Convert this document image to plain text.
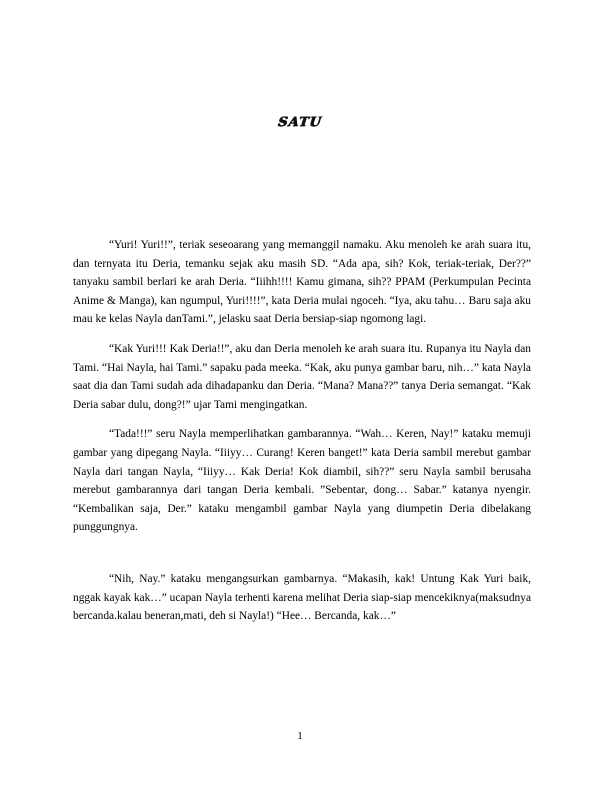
SATU

“Yuri! Yuri!!”, teriak seseoarang yang memanggil namaku. Aku menoleh ke arah suara itu, dan ternyata itu Deria, temanku sejak aku masih SD. “Ada apa, sih? Kok, teriak-teriak, Der??” tanyaku sambil berlari ke arah Deria. “Iiihh!!!! Kamu gimana, sih?? PPAM (Perkumpulan Pecinta Anime & Manga), kan ngumpul, Yuri!!!!”, kata Deria mulai ngoceh. “Iya, aku tahu… Baru saja aku mau ke kelas Nayla danTami.”, jelasku saat Deria bersiap-siap ngomong lagi.

“Kak Yuri!!! Kak Deria!!”, aku dan Deria menoleh ke arah suara itu. Rupanya itu Nayla dan Tami. “Hai Nayla, hai Tami.” sapaku pada meeka. “Kak, aku punya gambar baru, nih…” kata Nayla saat dia dan Tami sudah ada dihadapanku dan Deria. “Mana? Mana??” tanya Deria semangat. “Kak Deria sabar dulu, dong?!” ujar Tami mengingatkan.

“Tada!!!” seru Nayla memperlihatkan gambarannya. “Wah… Keren, Nay!” kataku memuji gambar yang dipegang Nayla. “Iiiyy… Curang! Keren banget!” kata Deria sambil merebut gambar Nayla dari tangan Nayla, “Iiiyy… Kak Deria! Kok diambil, sih??” seru Nayla sambil berusaha merebut gambarannya dari tangan Deria kembali. ”Sebentar, dong… Sabar.” katanya nyengir. “Kembalikan saja, Der.” kataku mengambil gambar Nayla yang diumpetin Deria dibelakang punggungnya.

“Nih, Nay.” kataku mengangsurkan gambarnya. “Makasih, kak! Untung Kak Yuri baik, nggak kayak kak…” ucapan Nayla terhenti karena melihat Deria siap-siap mencekiknya(maksudnya bercanda.kalau beneran,mati, deh si Nayla!) “Hee… Bercanda, kak…”

1
